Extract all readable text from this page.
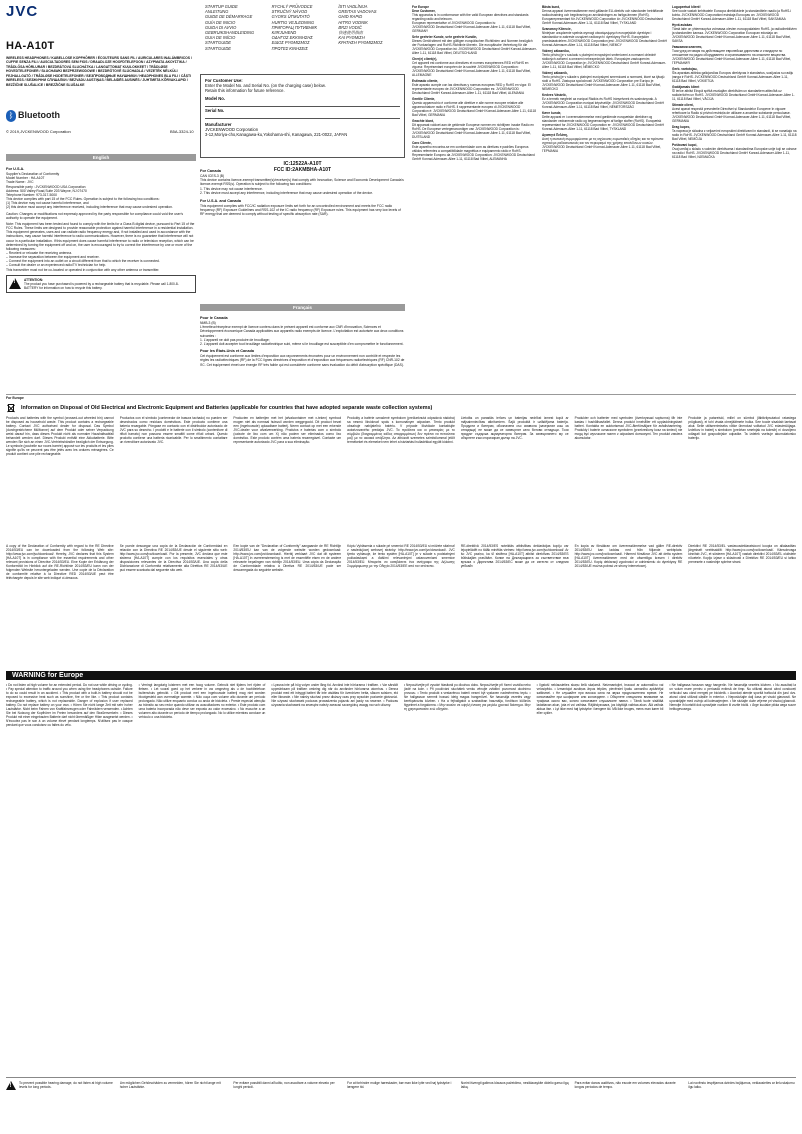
JVC
HA-A10T
WIRELESS HEADPHONES / KABELLOSE KOPFHÖRER / ÉCOUTEURS SANS FIL / AURICULARES INALÁMBRICOS / CUFFIE SENZA FILI / AUSCULTADORES SEM FIOS / DRAADLOZE HOOFDTELEFOON / ΑΣΥΡΜΑΤΑ ΑΚΟΥΣΤΙΚΑ / TRÅDLÖSA HÖRLURAR / BEZDRÁTOVÁ SLUCHÁTKA / LANGATTOMAT KUULOKKEET / TRÅDLØSE HOVEDTELEFONER / SŁUCHAWKI BEZPRZEWODOWE / BEZDRÔTOVÉ SLÚCHADLÁ / VEZETÉK NÉLKÜLI FEJHALLGATÓ / ТRÅDLØSE HODETELEFONER / БЕЗПРОВОДНЫЕ НАУШНИКИ / HEADPHONES BLA FILI / CĂȘTI WIRELESS / БЕЗЖИЧНИ СЛУШАЛКИ / BEZVADU AUSTIŅAS / BELAIDĖS AUSINĖS / JUHTMETA KÕRVAKLAPID / BEZŽIČNE SLUŠALICE / BREZŽIČNE SLUŠALKE
ᛒ Bluetooth
© 2019,JVCKENWOOD Corporation	B5A-3324-10
STARTUP GUIDE
ANLEITUNG
GUIDE DE DÉMARRAGE
GUÍA DE INICIO
GUIDA DI AVVIO
GEBRUIKSHANDLEIDING
GUIA DE INÍCIO
STARTGUIDE
STARTGUIDE
RYCHLÝ PRŮVODCE
STRUČNÝ NÁVOD
GYORS ÚTMUTATÓ
HURTIG VEJLEDNING
ПРИГОРАЦ ПУТИВНИК
KIIRJUHEND
ΟΔΗΓΟΣ ΕΚΚΙΝΗΣΗΣ
ΕΙΔΟΣ ΡΥΘΜΙΣΜΟΣ
ΠΡΩΤΕΣ ΚΙΝΗΣΕΙΣ
ĪSTI VADLĪNIJA
GREITAS VADOVAS
GHID RAPID
HITRO VODNIK
BRZI VODIČ
快速使用指南
ΚΑΙ ΡΥΘΜΙΣΗ
ΚΡΑΤΗΣΗ ΡΥΘΜΙΣΜΟΣ
For Customer Use:
Enter the Model No. and Serial No. (on the charging case) below.
Retain this information for future reference.
Model No.
Serial No.
Manufacturer
JVCKENWOOD Corporation
3-12,Moriya-cho,Kanagawa-ku,Yokohama-shi, Kanagawa, 221-0022, JAPAN
IC:12522A-A10T
FCC ID:2AKMBHA-A10T

For Europe
Dear Customer,
This apparatus is in conformance with the valid European directives and standards regarding radio and telecom.
European representative of JVCKENWOOD Corporation is:
JVCKENWOOD Deutschland GmbH Konrad-Adenauer-Allee 1-11, 61118 Bad Vilbel, GERMANY

Sehr geehrter Kunde, sehr geehrte Kundin,
Dieses Gerät stimmt mit den gültigen europäischen Richtlinien und Normen bezüglich der Funkanlagen und RoHS-Richtlinie überein. Die europäische Vertretung für die JVCKENWOOD Corporation ist: JVCKENWOOD Deutschland GmbH Konrad-Adenauer-Allee 1-11, 61118 Bad Vilbel, DEUTSCHLAND

Cher(e) client(e),
Cet appareil est conforme aux directives et normes européennes RED et RoHS en vigueur. Représentant européen de la société JVCKENWOOD Corporation: JVCKENWOOD Deutschland GmbH Konrad-Adenauer-Allee 1-11, 61118 Bad Vilbel, ALLEMAGNE

Estimado cliente,
Este aparato cumple con las directivas y normas europeas RED y RoHS en vigor. El representante europeo de JVCKENWOOD Corporation es: JVCKENWOOD Deutschland GmbH Konrad-Adenauer-Allee 1-11, 61118 Bad Vilbel, ALEMANIA

Gentile Cliente,
Questo apparecchio è conforme alle direttive e alle norme europee relative alle apparecchiature radio e RoHS. Il rappresentante europeo di JVCKENWOOD Corporation è: JVCKENWOOD Deutschland GmbH Konrad-Adenauer-Allee 1-11, 61118 Bad Vilbel, GERMANIA

Geachte klant,
Dit apparaat voldoet aan de geldende Europese normen en richtlijnen inzake Radio en RoHS. De Europese vertegenwoordiger van JVCKENWOOD Corporation is: JVCKENWOOD Deutschland GmbH Konrad-Adenauer-Allee 1-11, 61118 Bad Vilbel, DUITSLAND

Caro Cliente,
Este aparelho encontra-se em conformidade com as diretivas e padrões Europeus válidos referentes a compatibilidade magnética e equipamento rádio e RoHS. Representante Europeu da JVCKENWOOD Corporation: JVCKENWOOD Deutschland GmbH Konrad-Adenauer-Allee 1-11, 61118 Bad Vilbel, ALEMANHA

Bästa kund,
Denna apparat överensstämmer med gällande EU-direktiv och standarder beträffande radioutrustning och begränsning av användningen av farliga ämnen (RoHS). Europarepresentant för JVCKENWOOD Corporation är: JVCKENWOOD Deutschland GmbH Konrad-Adenauer-Allee 1-11, 61118 Bad Vilbel, TYSKLAND

Szanowny Kliencie,
Niniejsze urządzenie spełnia wymogi obowiązujących europejskich dyrektyw i standardów w zakresie urządzeń radiowych i dyrektywy RoHS. Europejskim przedstawicielem JVCKENWOOD Corporation jest: JVCKENWOOD Deutschland GmbH Konrad-Adenauer-Allee 1-11, 61118 Bad Vilbel, NIEMCY

Vážený zákazníku,
Tento přístroj je v souladu s platnými evropskými směrnicemi a normami ohledně rádiových zařízení a omezení nebezpečných látek. Evropským zastoupením JVCKENWOOD Corporation je: JVCKENWOOD Deutschland GmbH Konrad-Adenauer-Allee 1-11, 61118 Bad Vilbel, NĚMECKO

Vážený zákazník,
Tento prístroj je v súlade s platnými európskymi smernicami a normami, ktoré sa týkajú rádií a RoHS. Zástupca spoločnosti JVCKENWOOD Corporation pre Európu je: JVCKENWOOD Deutschland GmbH Konrad-Adenauer-Allee 1-11, 61118 Bad Vilbel, NEMECKO

Kedves Vásárló,
Ez a termék megfelel az európai Rádiós és RoHS Irányelvnek és szabványnak. A JVCKENWOOD Corporation európai képviselője: JVCKENWOOD Deutschland GmbH Konrad-Adenauer-Allee 1-11, 61118 Bad Vilbel, NÉMETORSZÁG

Kære kunde,
Dette apparat er i overensstemmelse med gældende europæiske direktiver og standarder vedrørende radio og begrænsningen af farlige stoffer (RoHS). Europæisk repræsentant for JVCKENWOOD Corporation er: JVCKENWOOD Deutschland GmbH Konrad-Adenauer-Allee 1-11, 61118 Bad Vilbel, TYSKLAND

Αγαπητέ Πελάτη,
Αυτή η συσκευή συμμορφώνεται με τις ισχύουσες ευρωπαϊκές οδηγίες και τα πρότυπα σχετικά με ραδιοσυσκευές και τον περιορισμό της χρήσης επικίνδυνων ουσιών. JVCKENWOOD Deutschland GmbH Konrad-Adenauer-Allee 1-11, 61118 Bad Vilbel, ΓΕΡΜΑΝΙΑ

Lugupeetud klient!
See toode vastab kehtivatele Euroopa direktiividele ja standarditele raadio ja RoHS-i kohta. JVCKENWOOD Corporationi esindaja Euroopas on: JVCKENWOOD Deutschland GmbH Konrad-Adenauer-Allee 1-11, 61118 Bad Vilbel, SAKSAMAA

Hyvä asiakas
Tämä laite on yhteensopiva voimassa olevien eurooppalaisten RoHS- ja radiodirektiivien ja standardien kanssa. JVCKENWOOD Corporation Euroopan edustaja on: JVCKENWOOD Deutschland GmbH Konrad-Adenauer-Allee 1-11, 61118 Bad Vilbel, SAKSA

Уважаеми клиенти,
Този уред отговаря на действащите европейски директиви и стандарти по отношение на радио оборудването и ограничаването на опасните вещества. JVCKENWOOD Deutschland GmbH Konrad-Adenauer-Allee 1-11, 61118 Bad Vilbel, ГЕРМАНИЯ

Gerb. vartotojau,
Šis aparatas atitinka galiojančias Europos direktyvas ir standartus, susijusius su radiju įranga ir RoHS. JVCKENWOOD Deutschland GmbH Konrad-Adenauer-Allee 1-11, 61118 Bad Vilbel, VOKIETIJA

Godājamais klient
Šī ierīce atbilst Eiropā spēkā esošajām direktīvām un standartiem attiecībā uz radioierīcēm un RoHS. JVCKENWOOD Deutschland GmbH Konrad-Adenauer-Allee 1-11, 61118 Bad Vilbel, VĀCIJA

Stimate client,
Acest aparat respectă prevederile Directivei și Standardelor Europene în vigoare referitoare la Radio și privind restricția de utilizare a anumitor substanțe periculoase. JVCKENWOOD Deutschland GmbH Konrad-Adenauer-Allee 1-11, 61118 Bad Vilbel, GERMANIA

Drag kupec,
Ta naprava je skladna z veljavnimi evropskimi direktivami in standardi, ki se nanašajo na radio in RoHS. JVCKENWOOD Deutschland GmbH Konrad-Adenauer-Allee 1-11, 61118 Bad Vilbel, NEMČIJA

Poštovani kupci,
Ovaj uređaj u skladu s važećim direktivama i standardima Europske unije koji se odnose na radio i RoHS. JVCKENWOOD Deutschland GmbH Konrad-Adenauer-Allee 1-11, 61118 Bad Vilbel, NJEMAČKA

English
For U.S.A.
Supplier's Declaration of Conformity
Model Number : HA-A10T
Trade Name : JVC
Responsible party : JVCKENWOOD USA Corporation
Address: 500 Valley Road,Suite 203 Wayne, NJ 07470
Telephone Number: 973-317-5000
This device complies with part 15 of the FCC Rules. Operation is subject to the following two conditions:
(1) This device may not cause harmful interference, and
(2) this device must accept any interference received, including interference that may cause undesired operation.
Caution: Changes or modifications not expressly approved by the party responsible for compliance could void the user's authority to operate the equipment.
Note: This equipment has been tested and found to comply with the limits for a Class B digital device, pursuant to Part 15 of the FCC Rules. These limits are designed to provide reasonable protection against harmful interference in a residential installation. This equipment generates, uses and can radiate radio frequency energy and, if not installed and used in accordance with the instructions, may cause harmful interference to radio communications. However, there is no guarantee that interference will not occur in a particular installation. If this equipment does cause harmful interference to radio or television reception, which can be determined by turning the equipment off and on, the user is encouraged to try to correct the interference by one or more of the following measures:
– Reorient or relocate the receiving antenna.
– Increase the separation between the equipment and receiver.
– Connect the equipment into an outlet on a circuit different from that to which the receiver is connected.
– Consult the dealer or an experienced radio/TV technician for help.
This transmitter must not be co-located or operated in conjunction with any other antenna or transmitter.
!
ATTENTION:
The product you have purchased is powered by a rechargeable battery that is recyclable. Please call 1-800-8-BATTERY for information on how to recycle this battery.
For Canada
CAN ICES-3 (B)
This device contains licence-exempt transmitter(s)/receiver(s) that comply with Innovation, Science and Economic Development Canada's licence-exempt RSS(s). Operation is subject to the following two conditions:
1. This device may not cause interference.
2. This device must accept any interference, including interference that may cause undesired operation of the device.
For U.S.A. and Canada
This equipment complies with FCC/IC radiation exposure limits set forth for an uncontrolled environment and meets the FCC radio frequency (RF) Exposure Guidelines and RSS-102 of the IC radio frequency (RF) Exposure rules. This equipment has very low levels of RF energy that are deemed to comply without testing of specific absorption rate (SAR).
Français
Pour le Canada
NMB-3 (B)
L'émetteur/récepteur exempt de licence contenu dans le présent appareil est conforme aux CNR d'Innovation, Sciences et Développement économique Canada applicables aux appareils radio exempts de licence. L'exploitation est autorisée aux deux conditions suivantes :
1. L'appareil ne doit pas produire de brouillage;
2. L'appareil doit accepter tout brouillage radioélectrique subi, même si le brouillage est susceptible d'en compromettre le fonctionnement.
Pour les États-Unis et Canada
Cet équipement est conforme aux limites d'exposition aux rayonnements énoncées pour un environnement non contrôlé et respecte les règles les radioélectriques (RF) de la FCC lignes directrices d'exposition et d'exposition aux fréquences radioélectriques (RF) CNR-102 de l'IC. Cet équipement émet une énergie RF très faible qui est considérée conforme sans évaluation du débit d'absorption spécifique (DAS).
For Europe
Information on Disposal of Old Electrical and Electronic Equipment and Batteries (applicable for countries that have adopted separate waste collection systems)
Products and batteries with the symbol (crossed-out wheeled bin) cannot be disposed as household waste. This product contains a rechargeable battery. Contact JVC authorised dealer for disposal. Das Symbol (durchgestrichene Mülltonne) auf dem Produkt oder seiner Verpackung weist darauf hin, dass dieses Produkt nicht als normaler Haushaltsabfall behandelt werden darf. Dieses Produkt enthält eine Akkubatterie. Bitte wenden Sie sich an einen JVC-Vertriebshändler bezüglich der Entsorgung. Le symbole (poubelle sur roues barrée) apposé sur les produits et les piles signifie qu'ils ne peuvent pas être jetés avec les ordures ménagères. Ce produit contient une pile rechargeable.
Productos con el símbolo (contenedor de basura tachado) no pueden ser desechados como residuos domésticos. Este producto contiene una batería recargable. Póngase en contacto con el distribuidor autorizado de JVC para su desecho. I prodotti e le batterie con il simbolo (contenitore di rifiuti barrato) non possono essere smaltiti come rifiuti urbani. Questo prodotto contiene una batteria ricaricabile. Per lo smaltimento contattare un rivenditore autorizzato JVC.
Producten en batterijen met het (afvalcontainer met x-teken) symbool mogen niet als normaal huisvuil worden weggegooid. Dit product bevat een (ingebouwde) oplaadbare batterij. Neem contact op met een erkende JVC-dealer voor afvalverwerking. Produtos e baterias com o símbolo (caixote de lixo com um X) não podem ser eliminados como lixo doméstico. Este produto contém uma bateria recarregável. Contacte um representante autorizado JVC para a sua eliminação.
Produkty a batérie označené symbolom (prečiarknutá odpadová nádoba) sa nesmú likvidovať spolu s komunálnym odpadom. Tento produkt obsahuje nabíjateľnú batériu. V prípade likvidácie kontaktujte autorizovaného predajcu JVC. Τα προϊόντα και οι μπαταρίες με το σύμβολο (διαγραμμένος κάδος απορριμμάτων) δεν πρέπει να πετιούνται μαζί με τα οικιακά απόβλητα. Az áthúzott szemetes szimbólummal jelölt termékeket és elemeket nem lehet a háztartási hulladékkal együtt kidobni.
Lietotās un parastās ierīces un baterijas nedrīkst izmest kopā ar mājsaimniecības atkritumiem. Šajā produktā ir uzlādējama baterija. Продукти и батерии, обозначени със символа (зачеркнат кош за отпадъци) не може да се изхвърлят като битови отпадъци. Този продукт съдържа акумулаторна батерия. За изхвърлянето му се обърнете към оторизиран дилър на JVC.
Produkter och batterier med symbolen (överkryssad soptunna) får inte kastas i hushållsavfallet. Denna produkt innehåller ett uppladdningsbart batteri. Kontakta en auktoriserad JVC-återförsäljare för avfallshantering. Produkty i baterie oznaczone symbolem (przekreślony kosz na śmieci) nie mogą być wyrzucane razem z odpadami domowymi. Ten produkt zawiera akumulator.
Produkte ja patareisid, millel on sümbol (läbikriipsutatud ratastega prügikast), ei tohi visata olmejäätmete hulka. See toode sisaldab laetavat akut. Selle utiliseerimiseks võtke ühendust volitatud JVC edasimüüjaga. Izdelkov in baterij s simbolom (prečrtan smetnjak na kolesih) ni dovoljeno odlagati kot gospodinjske odpadke. Ta izdelek vsebuje akumulatorsko baterijo.
A copy of the Declaration of Conformity with regard to the RE Directive 2014/53/EU can be downloaded from the following Web site: http://www.jvc.com/jvc/download/. Hereby, JVC declares that this System [HA-A10T] is in compliance with the essential requirements and other relevant provisions of Directive 2014/53/EU. Eine Kopie der Erklärung der Konformität im Hinblick auf die RE-Richtlinie 2014/53/EU kann von der folgenden Website heruntergeladen werden. Une copie de la Déclaration de conformité relative à la Directive RED 2014/53/UE peut être téléchargée depuis le site web indiqué ci-dessous.
Se puede descargar una copia de la Declaración de Conformidad en relación con la Directiva RE 2014/53/UE desde el siguiente sitio web: http://www.jvc.com/jvc/download/. Por la presente, JVC declara que este sistema [HA-A10T] cumple con los requisitos esenciales y otras disposiciones relevantes de la Directiva 2014/53/UE. Una copia della Dichiarazione di Conformità relativamente alla Direttiva RE 2014/53/UE può essere scaricata dal seguente sito web.
Een kopie van de "Declaration of Conformity" aangaande de RE Richtlijn 2014/53/EU kan van de volgende website worden gedownload: http://www.jvc.com/jvc/download/. Hierbij verklaart JVC dat dit systeem [HA-A10T] in overeenstemming is met de essentiële eisen en de andere relevante bepalingen van richtlijn 2014/53/EU. Uma cópia da Declaração de Conformidade relativa à Diretiva RE 2014/53/UE pode ser descarregada do seguinte website.
Kópiu Vyhlásenia o súlade pri smernici RE 2014/53/EÚ si môžete stiahnuť z nasledujúcej webovej stránky: http://www.jvc.com/jvc/download/. JVC týmto vyhlasuje, že tento systém [HA-A10T] je v súlade s podstatnými požiadavkami a ďalšími relevantnými ustanoveniami smernice 2014/53/EÚ. Μπορείτε να κατεβάσετε ένα αντίγραφο της Δήλωσης Συμμόρφωσης με την Οδηγία 2014/53/ΕΕ από τον ιστότοπο.
RE-direktīvā 2014/53/ES noteiktās atbilstības deklarācijas kopiju var lejupielādēt no tālāk minētās vietnes: http://www.jvc.com/jvc/download/. Ar šo JVC paziņo, ka šī sistēma [HA-A10T] atbilst direktīvas 2014/53/ES būtiskajām prasībām. Копие на Декларацията за съответствие във връзка с Директива 2014/53/ЕС може да се изтегли от следния уебсайт.
En kopia av försäkran om överensstämmelse vad gäller RE-direktiv 2014/53/EU kan laddas ned från följande webbplats: http://www.jvc.com/jvc/download/. Härmed försäkrar JVC att detta system [HA-A10T] överensstämmer med de väsentliga kraven i direktiv 2014/53/EU. Kopię deklaracji zgodności w odniesieniu do dyrektywy RE 2014/53/UE można pobrać ze strony internetowej.
Direktiivi RE 2014/53/EL vastavusdeklaratsiooni koopia on allalaaditav järgmiselt veebisaidilt: http://www.jvc.com/jvc/download/. Käesolevaga kinnitab JVC, et süsteem [HA-A10T] vastab direktiivi 2014/53/EL olulistele nõuetele. Kopijo izjave o skladnosti z Direktivo RE 2014/53/EU si lahko prenesete z naslednje spletne strani.
WARNING for Europe
• Do not listen at high volume for an extended period. Do not use while driving or cycling. • Pay special attention to traffic around you when using the headphones outside. Failure to do so could result in an accident. • This product with a built-in battery should not be exposed to excessive heat such as sunshine, fire or the like. • This product contains rechargeable battery, which is not replaceable. Danger of explosion if user replaced battery. Do not replace battery on your own. • Hören Sie nicht lange Zeit mit sehr hoher Lautstärke. Nicht beim Fahren von Kraftfahrzeugen oder Fahrrädern verwenden. • Achten Sie bei Nutzung der Kopfhörer im Freien besonders auf den Straßenverkehr. • Dieses Produkt mit einer eingebauten Batterie darf nicht übermäßiger Hitze ausgesetzt werden. • N'écoutez pas le son à un volume élevé pendant longtemps. N'utilisez pas le casque pendant que vous conduisez ou faites du vélo.
• Verringt langdurig luisteren met een hoog volume. Gebruik niet tijdens het rijden of fietsen. • Let vooral goed op het verkeer in uw omgeving als u de hoofdtelefoon buitenshuis gebruikt. • Dit product met een ingebouwde batterij mag niet worden blootgesteld aan overmatige warmte. • Não ouça com volume alto durante um período prolongado. Não utilize enquanto conduz ou anda de bicicleta. • Preste especial atenção ao trânsito ao seu redor quando utilizar os auscultadores no exterior. • Este produto com uma bateria incorporada não deve ser exposto ao calor excessivo. • No escuche a un volumen alto durante un período de tiempo prolongado. No lo utilice mientras conduce un vehículo o una bicicleta.
• Lyssna inte på hög volym under lång tid. Använd inte hörlurarna i trafiken. • Var särskilt uppmärksam på trafiken omkring dig när du använder hörlurarna utomhus. • Denna produkt med ett inbyggt batteri får inte utsättas för överdriven hetta, såsom solsken, eld eller liknande. • Nie należy słuchać przez dłuższy czas przy wysokim poziomie głośności. Nie używać słuchawek podczas prowadzenia pojazdu ani jazdy na rowerze. • Podczas używania słuchawek na zewnątrz należy zwracać szczególną uwagę na ruch uliczny.
• Nepoužívejte při vysoké hlasitosti po dlouhou dobu. Nepoužívejte při řízení vozidla nebo jízdě na kole. • Při používání sluchátek venku věnujte zvláštní pozornost okolnímu provozu. • Tento produkt s vestavěnou baterií nesmí být vystaven nadměrnému teplu. • Ne hallgasson semmit hosszú ideig magas hangerővel. Ne használja vezetés vagy kerékpározás közben. • Ha a fejhallgatót a szabadban használja, fordítson különös figyelmet a forgalomra. • Μην ακούτε σε υψηλή ένταση για μεγάλο χρονικό διάστημα. Μην τη χρησιμοποιείτε ενώ οδηγείτε.
• Ilgstoši neklausieties skaņu lielā skaļumā. Neizmantojiet, braucot ar automašīnu vai velosipēdu. • Izmantojot austiņas ārpus telpām, pievērsiet īpašu uzmanību apkārtējai satiksmei. • Не слушайте при висока сила на звука продължително време. Не използвайте при шофиране или колоездене. • Обърнете специално внимание на трафика около вас, когато използвате слушалките навън. • Tämä tuote sisältää ladattavan akun, jota ei voi vaihtaa. Räjähdysvaara, jos käyttäjä vaihtaa akun. Älä vaihda akkua itse. • Lyt ikke med høj lydstyrke i længere tid. Må ikke bruges, mens man kører bil eller cykler.
• Ne hallgassa hosszan nagy hangerőn. Ne használja vezetés közben. • Nu ascultați la un volum mare pentru o perioadă extinsă de timp. Nu utilizați atunci când conduceți vehiculul sau când mergeți pe bicicletă. • Acordați atenție sporită traficului din jurul dvs. atunci când utilizați căștile în exterior. • Neposlušajte dalj časa pri visoki glasnosti. Ne uporabljajte med vožnjo ali kolesarjenjem. • Ne slušajte duže vrijeme pri visokoj glasnoći. Nemojte ih koristiti dok upravljate vozilom ili vozite bicikl. • Ärge kuulake pikka aega suure helitugevusega.
!
To prevent possible hearing damage, do not listen at high volume levels for long periods.
Um möglichen Gehörschäden zu vermeiden, hören Sie nicht lange mit hoher Lautstärke.
Per evitare possibili danni all'udito, non ascoltare a volume elevato per lunghi periodi.
For at forhindre mulige høreskader, bør man ikke lytte ved høj lydstyrke i længere tid.
Norint išvengti galimos klausos pažeidimo, nesiklausykite didelio garso ilgą laiką.
Para evitar danos auditivos, não escute em volumes elevados durante longos períodos de tempo.
Lai novērstu iespējamus dzirdes bojājumus, neklausieties ar lielu skaļumu ilgu laiku.
